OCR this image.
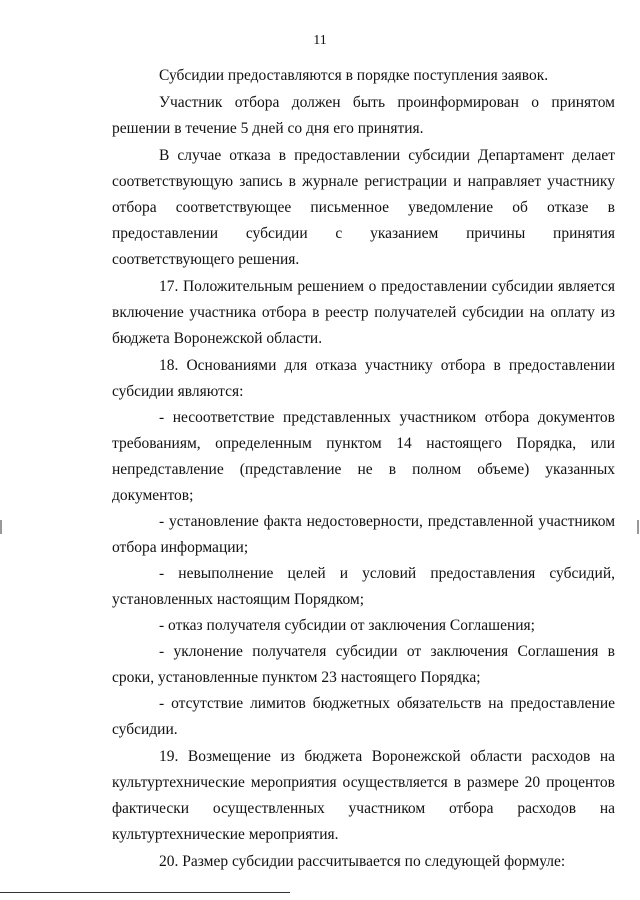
11

Субсидии предоставляются в порядке поступления заявок.

Участник отбора должен быть проинформирован о принятом решении в течение 5 дней со дня его принятия.

В случае отказа в предоставлении субсидии Департамент делает соответствующую запись в журнале регистрации и направляет участнику отбора соответствующее письменное уведомление об отказе в предоставлении субсидии с указанием причины принятия соответствующего решения.

17. Положительным решением о предоставлении субсидии является включение участника отбора в реестр получателей субсидии на оплату из бюджета Воронежской области.

18. Основаниями для отказа участнику отбора в предоставлении субсидии являются:

- несоответствие представленных участником отбора документов требованиям, определенным пунктом 14 настоящего Порядка, или непредставление (представление не в полном объеме) указанных документов;

- установление факта недостоверности, представленной участником отбора информации;

- невыполнение целей и условий предоставления субсидий, установленных настоящим Порядком;

- отказ получателя субсидии от заключения Соглашения;

- уклонение получателя субсидии от заключения Соглашения в сроки, установленные пунктом 23 настоящего Порядка;

- отсутствие лимитов бюджетных обязательств на предоставление субсидии.

19. Возмещение из бюджета Воронежской области расходов на культуртехнические мероприятия осуществляется в размере 20 процентов фактически осуществленных участником отбора расходов на культуртехнические мероприятия.

20. Размер субсидии рассчитывается по следующей формуле:
